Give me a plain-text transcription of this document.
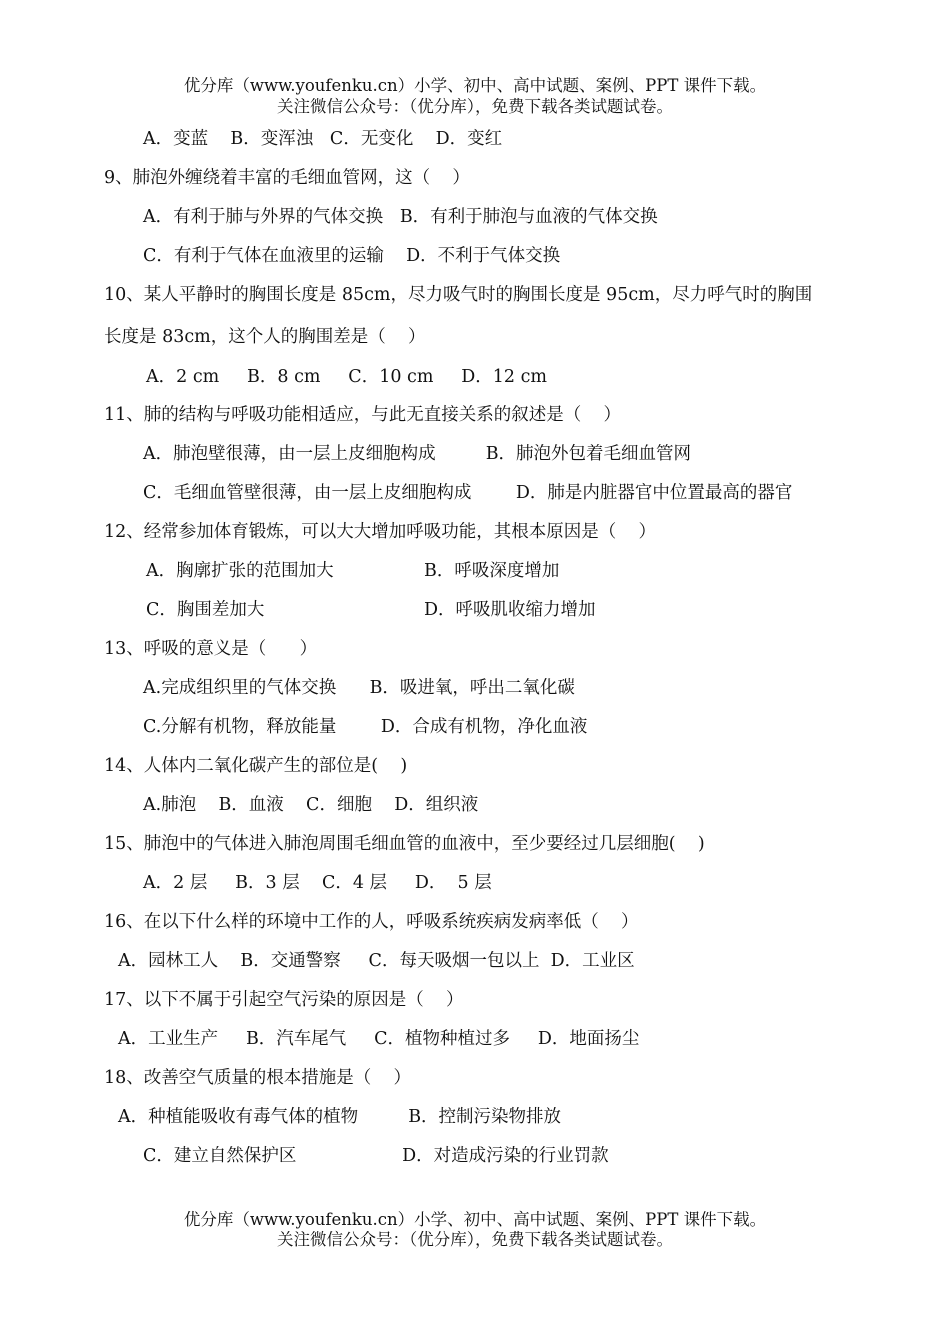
优分库（www.youfenku.cn）小学、初中、高中试题、案例、PPT 课件下载。
关注微信公众号：（优分库），免费下载各类试题试卷。
A．变蓝    B．变浑浊   C．无变化    D．变红
9、肺泡外缠绕着丰富的毛细血管网，这（    ）
A．有利于肺与外界的气体交换   B．有利于肺泡与血液的气体交换
C．有利于气体在血液里的运输    D．不利于气体交换
10、某人平静时的胸围长度是 85cm，尽力吸气时的胸围长度是 95cm，尽力呼气时的胸围
长度是 83cm，这个人的胸围差是（    ）
A．2 cm     B．8 cm     C．10 cm     D．12 cm
11、肺的结构与呼吸功能相适应，与此无直接关系的叙述是（    ）
A．肺泡壁很薄，由一层上皮细胞构成         B．肺泡外包着毛细血管网
C．毛细血管壁很薄，由一层上皮细胞构成        D．肺是内脏器官中位置最高的器官
12、经常参加体育锻炼，可以大大增加呼吸功能，其根本原因是（    ）
A．胸廓扩张的范围加大	B．呼吸深度增加
C．胸围差加大	D．呼吸肌收缩力增加
13、呼吸的意义是（      ）
A.完成组织里的气体交换      B．吸进氧，呼出二氧化碳
C.分解有机物，释放能量        D．合成有机物，净化血液
14、人体内二氧化碳产生的部位是(    )
A.肺泡    B．血液    C．细胞    D．组织液
15、肺泡中的气体进入肺泡周围毛细血管的血液中，至少要经过几层细胞(    )
A．2 层     B．3 层    C．4 层     D．  5 层
16、在以下什么样的环境中工作的人，呼吸系统疾病发病率低（    ）
A．园林工人    B．交通警察     C．每天吸烟一包以上  D．工业区
17、以下不属于引起空气污染的原因是（    ）
A．工业生产     B．汽车尾气     C．植物种植过多     D．地面扬尘
18、改善空气质量的根本措施是（    ）
A．种植能吸收有毒气体的植物         B．控制污染物排放
C．建立自然保护区                   D．对造成污染的行业罚款
优分库（www.youfenku.cn）小学、初中、高中试题、案例、PPT 课件下载。
关注微信公众号：（优分库），免费下载各类试题试卷。
